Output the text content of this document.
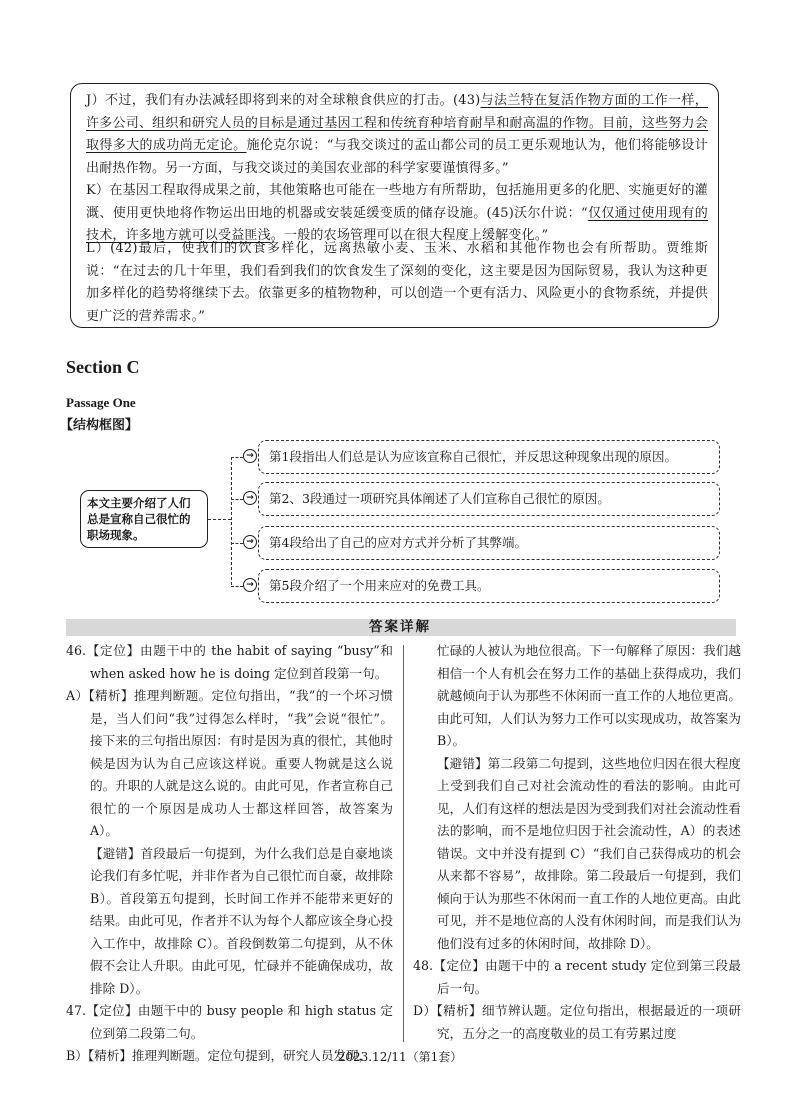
J）不过，我们有办法减轻即将到来的对全球粮食供应的打击。(43)与法兰特在复活作物方面的工作一样，许多公司、组织和研究人员的目标是通过基因工程和传统育种培育耐旱和耐高温的作物。目前，这些努力会取得多大的成功尚无定论。施伦克尔说：“与我交谈过的孟山都公司的员工更乐观地认为，他们将能够设计出耐热作物。另一方面，与我交谈过的美国农业部的科学家要谨慎得多。”
K）在基因工程取得成果之前，其他策略也可能在一些地方有所帮助，包括施用更多的化肥、实施更好的灌溉、使用更快地将作物运出田地的机器或安装延缓变质的储存设施。(45)沃尔什说：“仅仅通过使用现有的技术，许多地方就可以受益匪浅。一般的农场管理可以在很大程度上缓解变化。”
L）(42)最后，使我们的饮食多样化，远离热敏小麦、玉米、水稻和其他作物也会有所帮助。贾维斯说：“在过去的几十年里，我们看到我们的饮食发生了深刻的变化，这主要是因为国际贸易，我认为这种更加多样化的趋势将继续下去。依靠更多的植物物种，可以创造一个更有活力、风险更小的食物系统，并提供更广泛的营养需求。”
Section C
Passage One
【结构框图】
本文主要介绍了人们总是宣称自己很忙的职场现象。
→	第1段指出人们总是认为应该宣称自己很忙，并反思这种现象出现的原因。
→	第2、3段通过一项研究具体阐述了人们宣称自己很忙的原因。
→	第4段给出了自己的应对方式并分析了其弊端。
→	第5段介绍了一个用来应对的免费工具。
答案详解

46.【定位】由题干中的 the habit of saying “busy”和 when asked how he is doing 定位到首段第一句。

A）【精析】推理判断题。定位句指出，“我”的一个坏习惯是，当人们问“我”过得怎么样时，“我”会说“很忙”。接下来的三句指出原因：有时是因为真的很忙，其他时候是因为认为自己应该这样说。重要人物就是这么说的。升职的人就是这么说的。由此可见，作者宣称自己很忙的一个原因是成功人士都这样回答，故答案为 A）。

【避错】首段最后一句提到，为什么我们总是自豪地谈论我们有多忙呢，并非作者为自己很忙而自豪，故排除 B）。首段第五句提到，长时间工作并不能带来更好的结果。由此可见，作者并不认为每个人都应该全身心投入工作中，故排除 C）。首段倒数第二句提到，从不休假不会让人升职。由此可见，忙碌并不能确保成功，故排除 D）。

47.【定位】由题干中的 busy people 和 high status 定位到第二段第二句。

B）【精析】推理判断题。定位句提到，研究人员发现，

忙碌的人被认为地位很高。下一句解释了原因：我们越相信一个人有机会在努力工作的基础上获得成功，我们就越倾向于认为那些不休闲而一直工作的人地位更高。由此可知，人们认为努力工作可以实现成功，故答案为 B）。

【避错】第二段第二句提到，这些地位归因在很大程度上受到我们自己对社会流动性的看法的影响。由此可见，人们有这样的想法是因为受到我们对社会流动性看法的影响，而不是地位归因于社会流动性，A）的表述错误。文中并没有提到 C）“我们自己获得成功的机会从来都不容易”，故排除。第二段最后一句提到，我们倾向于认为那些不休闲而一直工作的人地位更高。由此可见，并不是地位高的人没有休闲时间，而是我们认为他们没有过多的休闲时间，故排除 D）。

48.【定位】由题干中的 a recent study 定位到第三段最后一句。

D）【精析】细节辨认题。定位句指出，根据最近的一项研究，五分之一的高度敬业的员工有劳累过度

2023.12/11（第1套）
